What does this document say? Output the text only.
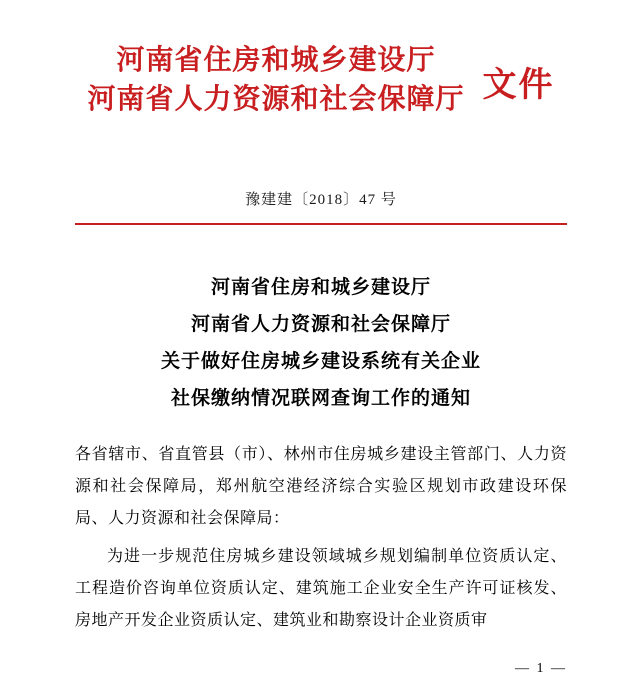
河南省住房和城乡建设厅
河南省人力资源和社会保障厅 文件
豫建建〔2018〕47 号
河南省住房和城乡建设厅
河南省人力资源和社会保障厅
关于做好住房城乡建设系统有关企业
社保缴纳情况联网查询工作的通知

各省辖市、省直管县（市）、林州市住房城乡建设主管部门、人力资源和社会保障局，郑州航空港经济综合实验区规划市政建设环保局、人力资源和社会保障局：

为进一步规范住房城乡建设领域城乡规划编制单位资质认定、工程造价咨询单位资质认定、建筑施工企业安全生产许可证核发、房地产开发企业资质认定、建筑业和勘察设计企业资质审

— 1 —
